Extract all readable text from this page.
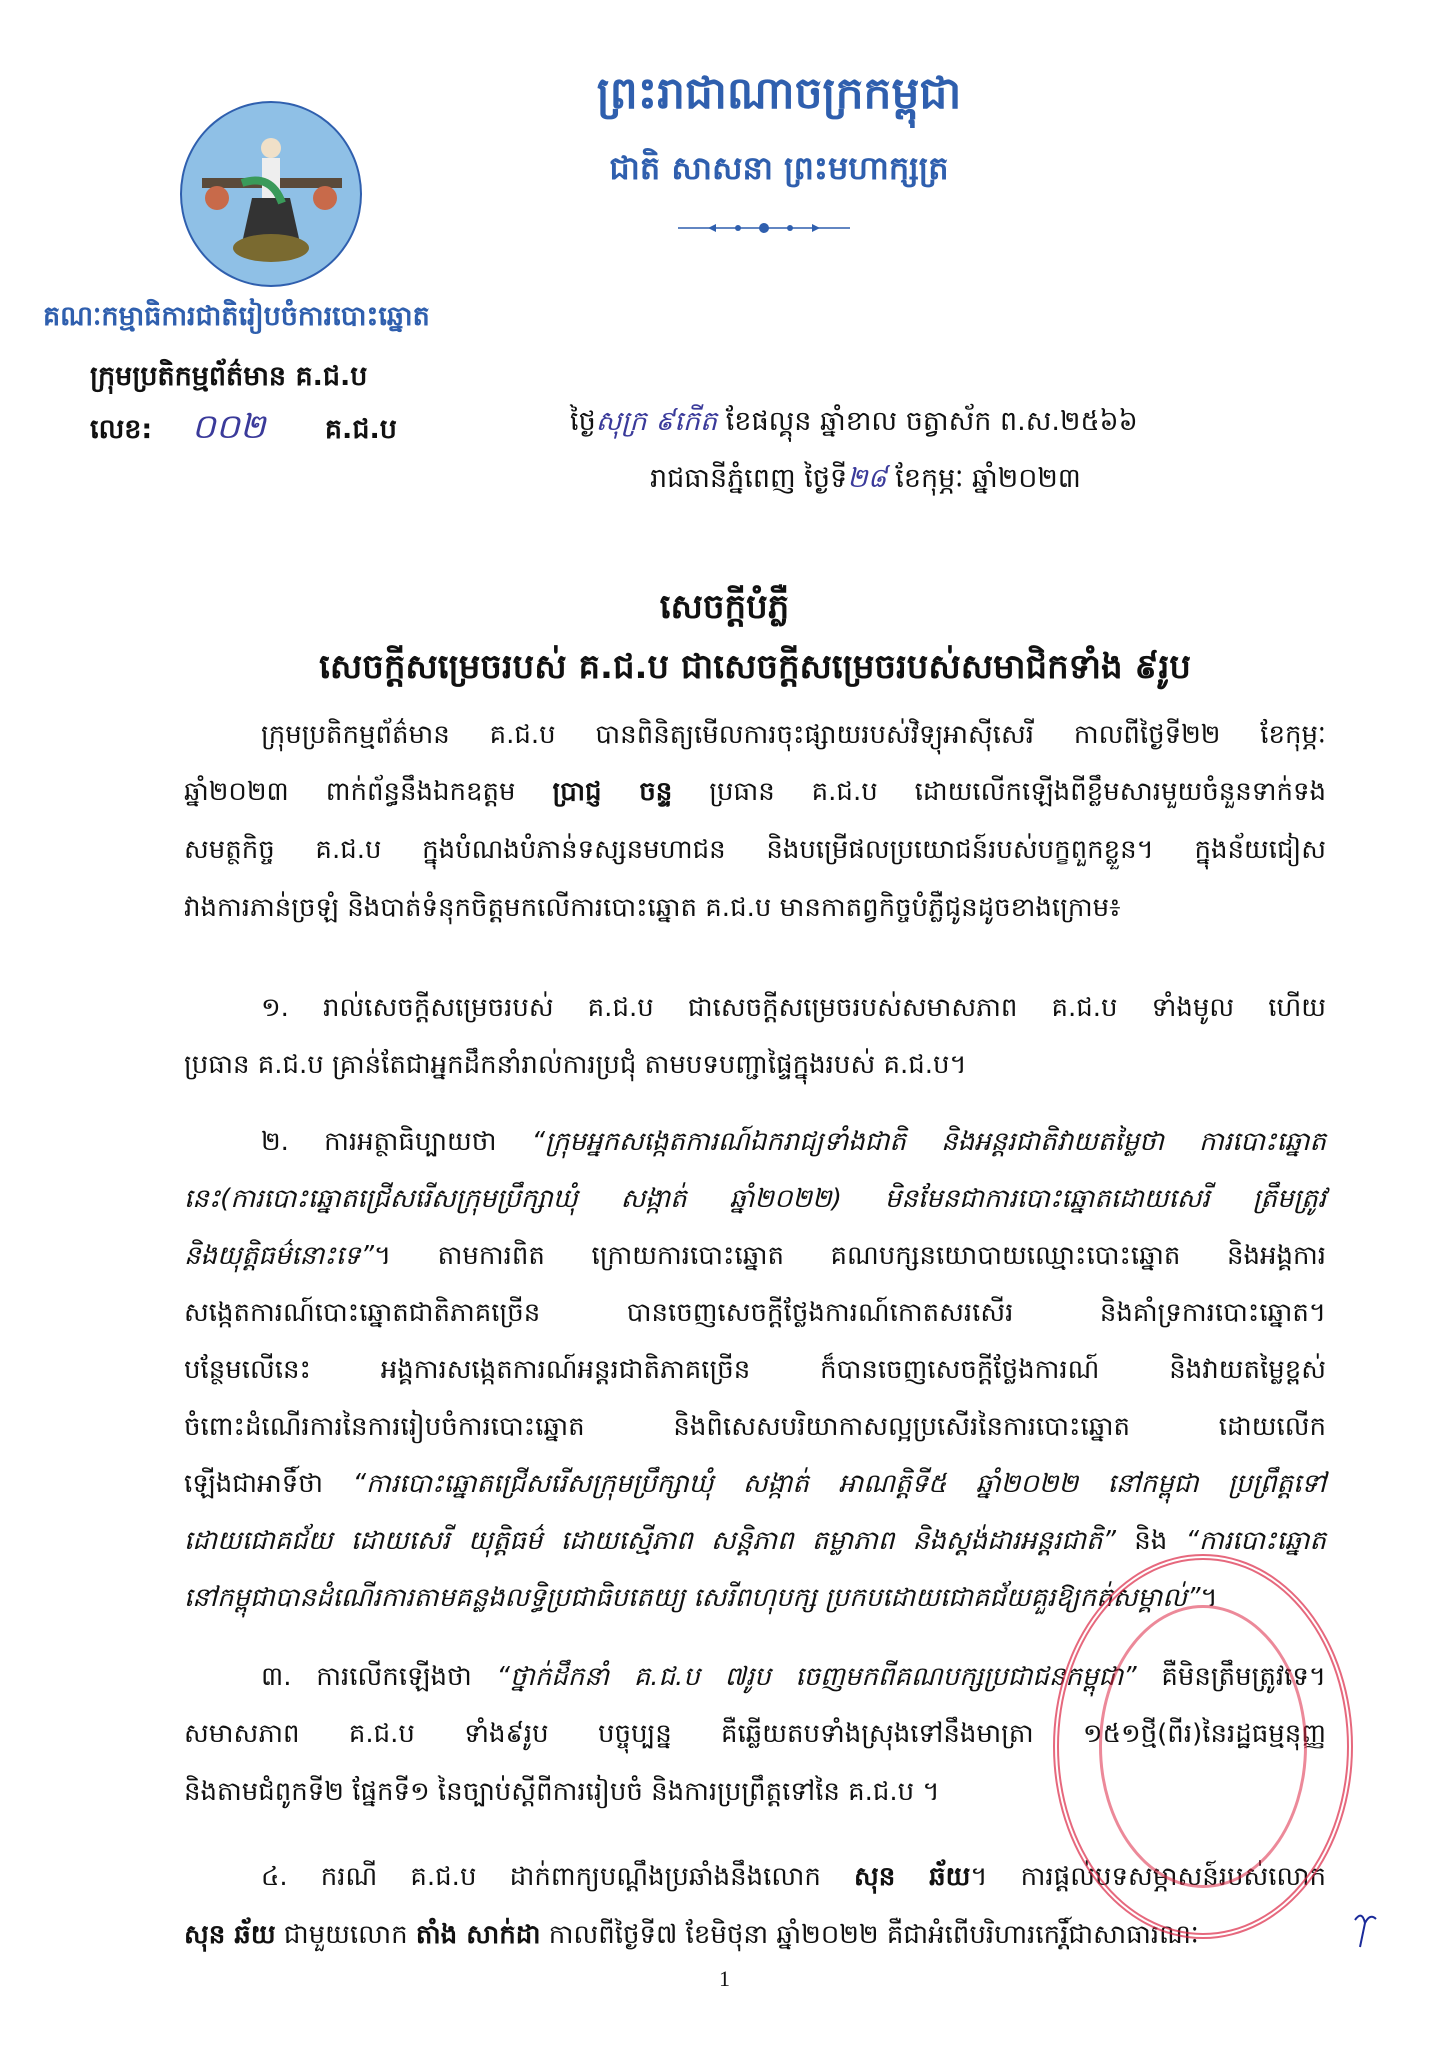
ព្រះរាជាណាចក្រកម្ពុជា
ជាតិ សាសនា ព្រះមហាក្សត្រ
គណៈកម្មាធិការជាតិរៀបចំការបោះឆ្នោត
ក្រុមប្រតិកម្មព័ត៌មាន គ.ជ.ប
លេខ: ០០២ គ.ជ.ប	ថ្ងៃសុក្រ ៩កើត ខែផល្គុន ឆ្នាំខាល ចត្វាស័ក ព.ស.២៥៦៦
រាជធានីភ្នំពេញ ថ្ងៃទី២៨ ខែកុម្ភៈ ឆ្នាំ២០២៣
សេចក្តីបំភ្លឺ
សេចក្តីសម្រេចរបស់ គ.ជ.ប ជាសេចក្តីសម្រេចរបស់សមាជិកទាំង ៩រូប
ក្រុមប្រតិកម្មព័ត៌មាន គ.ជ.ប បានពិនិត្យមើលការចុះផ្សាយរបស់វិទ្យុអាស៊ីសេរី កាលពីថ្ងៃទី២២ ខែកុម្ភៈ
ឆ្នាំ២០២៣ ពាក់ព័ន្ធនឹងឯកឧត្តម ប្រាជ្ញ ចន្ទ ប្រធាន គ.ជ.ប ដោយលើកឡើងពីខ្លឹមសារមួយចំនួនទាក់ទង
សមត្ថកិច្ច គ.ជ.ប ក្នុងបំណងបំភាន់ទស្សនមហាជន និងបម្រើផលប្រយោជន៍របស់បក្ខពួកខ្លួន។ ក្នុងន័យជៀស
វាងការភាន់ច្រឡំ និងបាត់ទំនុកចិត្តមកលើការបោះឆ្នោត គ.ជ.ប មានកាតព្វកិច្ចបំភ្លឺជូនដូចខាងក្រោម៖
១. រាល់សេចក្តីសម្រេចរបស់ គ.ជ.ប ជាសេចក្តីសម្រេចរបស់សមាសភាព គ.ជ.ប ទាំងមូល ហើយ
ប្រធាន គ.ជ.ប គ្រាន់តែជាអ្នកដឹកនាំរាល់ការប្រជុំ តាមបទបញ្ជាផ្ទៃក្នុងរបស់ គ.ជ.ប។
២. ការអត្ថាធិប្បាយថា “ក្រុមអ្នកសង្កេតការណ៍ឯករាជ្យទាំងជាតិ និងអន្តរជាតិវាយតម្លៃថា ការបោះឆ្នោត
នេះ(ការបោះឆ្នោតជ្រើសរើសក្រុមប្រឹក្សាឃុំ សង្កាត់ ឆ្នាំ២០២២) មិនមែនជាការបោះឆ្នោតដោយសេរី ត្រឹមត្រូវ
និងយុត្តិធម៌នោះទេ”។ តាមការពិត ក្រោយការបោះឆ្នោត គណបក្សនយោបាយឈ្មោះបោះឆ្នោត និងអង្គការ
សង្កេតការណ៍បោះឆ្នោតជាតិភាគច្រើន បានចេញសេចក្តីថ្លែងការណ៍កោតសរសើរ និងគាំទ្រការបោះឆ្នោត។
បន្ថែមលើនេះ អង្គការសង្កេតការណ៍អន្តរជាតិភាគច្រើន ក៏បានចេញសេចក្តីថ្លែងការណ៍ និងវាយតម្លៃខ្ពស់
ចំពោះដំណើរការនៃការរៀបចំការបោះឆ្នោត និងពិសេសបរិយាកាសល្អប្រសើរនៃការបោះឆ្នោត ដោយលើក
ឡើងជាអាទិ៍ថា “ការបោះឆ្នោតជ្រើសរើសក្រុមប្រឹក្សាឃុំ សង្កាត់ អាណត្តិទី៥ ឆ្នាំ២០២២ នៅកម្ពុជា ប្រព្រឹត្តទៅ
ដោយជោគជ័យ ដោយសេរី យុត្តិធម៌ ដោយស្មើភាព សន្តិភាព តម្លាភាព និងស្តង់ដារអន្តរជាតិ” និង “ការបោះឆ្នោត
នៅកម្ពុជាបានដំណើរការតាមគន្លងលទ្ធិប្រជាធិបតេយ្យ សេរីពហុបក្ស ប្រកបដោយជោគជ័យគួរឱ្យកត់សម្គាល់”។
៣. ការលើកឡើងថា “ថ្នាក់ដឹកនាំ គ.ជ.ប ៧រូប ចេញមកពីគណបក្សប្រជាជនកម្ពុជា” គឺមិនត្រឹមត្រូវទេ។
សមាសភាព គ.ជ.ប ទាំង៩រូប បច្ចុប្បន្ន គឺឆ្លើយតបទាំងស្រុងទៅនឹងមាត្រា ១៥១ថ្មី(ពីរ)នៃរដ្ឋធម្មនុញ្ញ
និងតាមជំពូកទី២ ផ្នែកទី១ នៃច្បាប់ស្តីពីការរៀបចំ និងការប្រព្រឹត្តទៅនៃ គ.ជ.ប ។
៤. ករណី គ.ជ.ប ដាក់ពាក្យបណ្តឹងប្រឆាំងនឹងលោក សុន ឆ័យ។ ការផ្តល់បទសម្ភាសន៍របស់លោក
សុន ឆ័យ ជាមួយលោក តាំង សាក់ដា កាលពីថ្ងៃទី៧ ខែមិថុនា ឆ្នាំ២០២២ គឺជាអំពើបរិហារកេរ្តិ៍ជាសាធារណៈ
1
